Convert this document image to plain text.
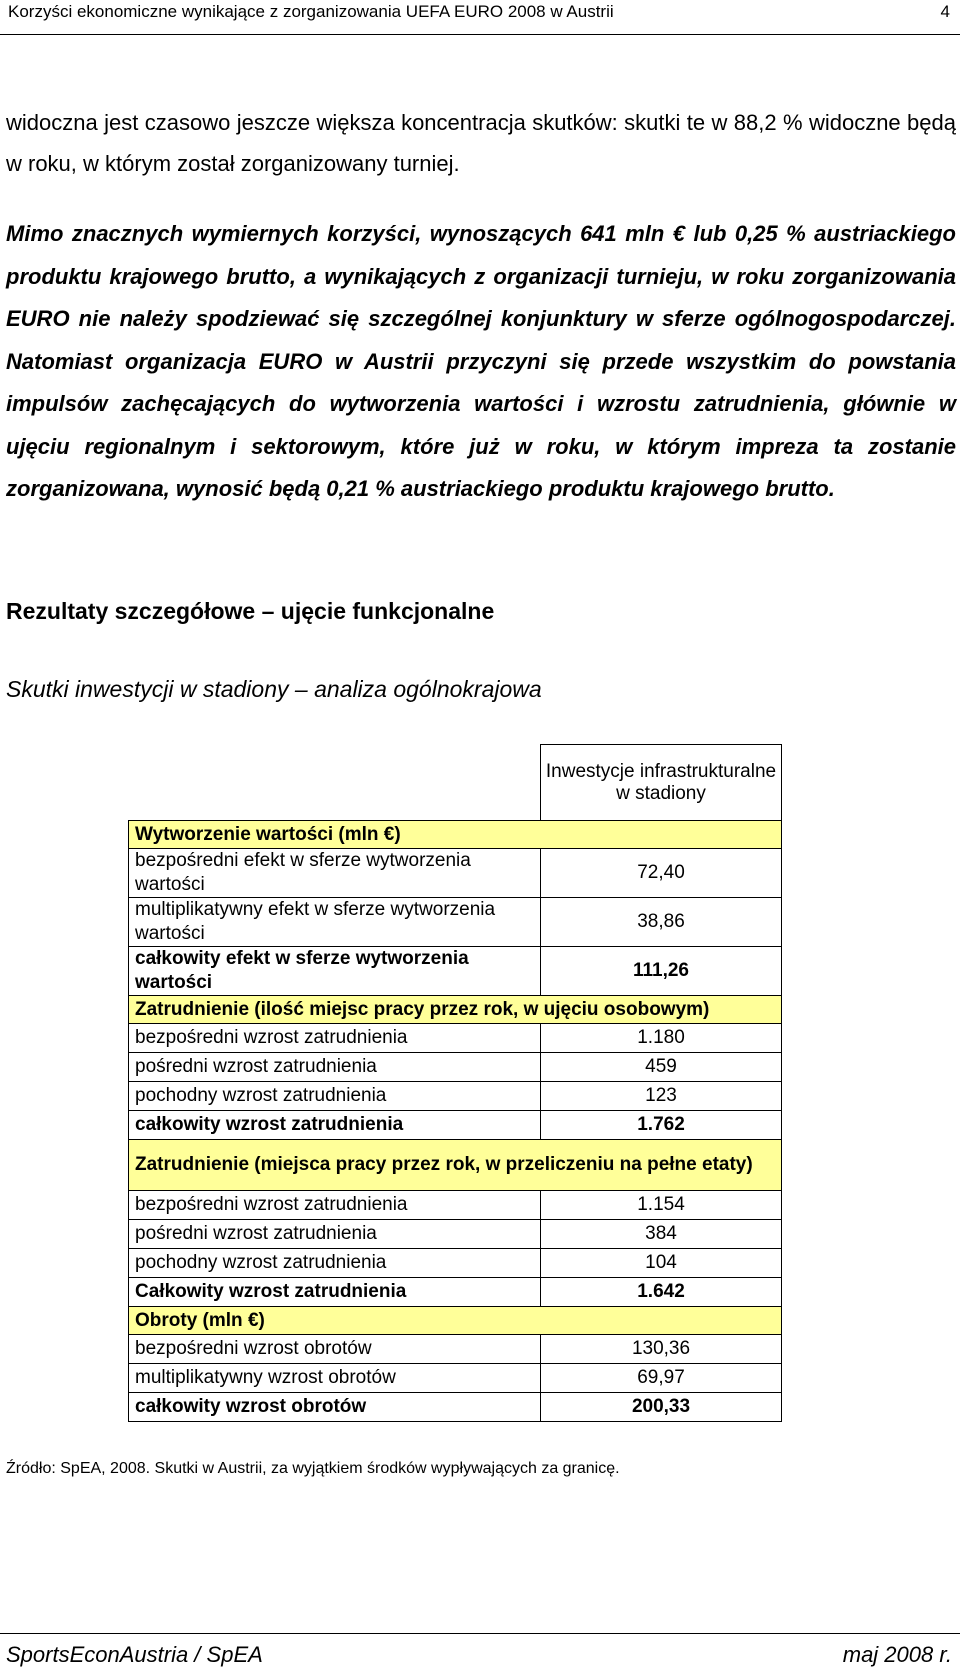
Korzyści ekonomiczne wynikające z zorganizowania UEFA EURO 2008 w Austrii	4
widoczna jest czasowo jeszcze większa koncentracja skutków: skutki te w 88,2 % widoczne będą w roku, w którym został zorganizowany turniej.
Mimo znacznych wymiernych korzyści, wynoszących 641 mln € lub 0,25 % austriackiego produktu krajowego brutto, a wynikających z organizacji turnieju, w roku zorganizowania EURO nie należy spodziewać się szczególnej konjunktury w sferze ogólnogospodarczej. Natomiast organizacja EURO w Austrii przyczyni się przede wszystkim do powstania impulsów zachęcających do wytworzenia wartości i wzrostu zatrudnienia, głównie w ujęciu regionalnym i sektorowym, które już w roku, w którym impreza ta zostanie zorganizowana, wynosić będą 0,21 % austriackiego produktu krajowego brutto.
Rezultaty szczegółowe – ujęcie funkcjonalne
Skutki inwestycji w stadiony – analiza ogólnokrajowa
	Inwestycje infrastrukturalne w stadiony
Wytworzenie wartości (mln €)	
bezpośredni efekt w sferze wytworzenia wartości	72,40
multiplikatywny efekt w sferze wytworzenia wartości	38,86
całkowity efekt w sferze wytworzenia wartości	111,26
Zatrudnienie (ilość miejsc pracy przez rok, w ujęciu osobowym)	
bezpośredni wzrost zatrudnienia	1.180
pośredni wzrost zatrudnienia	459
pochodny wzrost zatrudnienia	123
całkowity wzrost zatrudnienia	1.762
Zatrudnienie (miejsca pracy przez rok, w przeliczeniu na pełne etaty)	
bezpośredni wzrost zatrudnienia	1.154
pośredni wzrost zatrudnienia	384
pochodny wzrost zatrudnienia	104
Całkowity wzrost zatrudnienia	1.642
Obroty (mln €)	
bezpośredni wzrost obrotów	130,36
multiplikatywny wzrost obrotów	69,97
całkowity wzrost obrotów	200,33
Źródło: SpEA, 2008. Skutki w Austrii, za wyjątkiem środków wypływających za granicę.
SportsEconAustria / SpEA	maj 2008 r.
